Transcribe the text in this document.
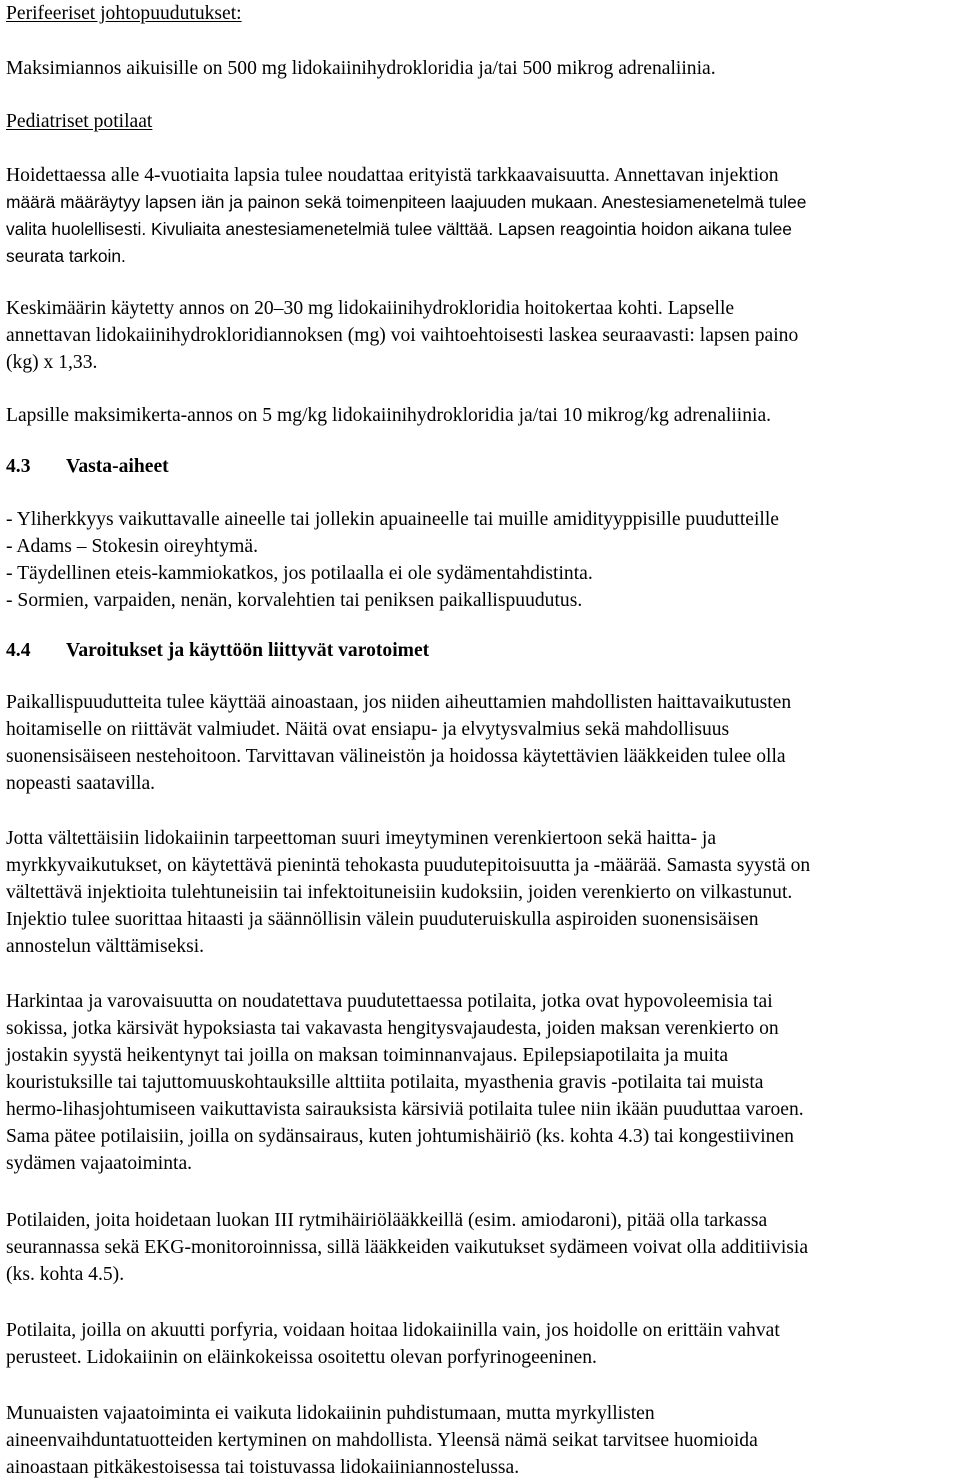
Perifeeriset johtopuudutukset:

Maksimiannos aikuisille on 500 mg lidokaiinihydrokloridia ja/tai 500 mikrog adrenaliinia.

Pediatriset potilaat

Hoidettaessa alle 4-vuotiaita lapsia tulee noudattaa erityistä tarkkaavaisuutta. Annettavan injektion
määrä määräytyy lapsen iän ja painon sekä toimenpiteen laajuuden mukaan. Anestesiamenetelmä tulee
valita huolellisesti. Kivuliaita anestesiamenetelmiä tulee välttää. Lapsen reagointia hoidon aikana tulee
seurata tarkoin.
Keskimäärin käytetty annos on 20–30 mg lidokaiinihydrokloridia hoitokertaa kohti. Lapselle
annettavan lidokaiinihydrokloridiannoksen (mg) voi vaihtoehtoisesti laskea seuraavasti: lapsen paino
(kg) x 1,33.

Lapsille maksimikerta-annos on 5 mg/kg lidokaiinihydrokloridia ja/tai 10 mikrog/kg adrenaliinia.

4.3 Vasta-aiheet

- Yliherkkyys vaikuttavalle aineelle tai jollekin apuaineelle tai muille amidityyppisille puudutteille
- Adams – Stokesin oireyhtymä.
- Täydellinen eteis-kammiokatkos, jos potilaalla ei ole sydämentahdistinta.
- Sormien, varpaiden, nenän, korvalehtien tai peniksen paikallispuudutus.

4.4 Varoitukset ja käyttöön liittyvät varotoimet

Paikallispuudutteita tulee käyttää ainoastaan, jos niiden aiheuttamien mahdollisten haittavaikutusten
hoitamiselle on riittävät valmiudet. Näitä ovat ensiapu- ja elvytysvalmius sekä mahdollisuus
suonensisäiseen nestehoitoon. Tarvittavan välineistön ja hoidossa käytettävien lääkkeiden tulee olla
nopeasti saatavilla.
Jotta vältettäisiin lidokaiinin tarpeettoman suuri imeytyminen verenkiertoon sekä haitta- ja
myrkkyvaikutukset, on käytettävä pienintä tehokasta puudutepitoisuutta ja -määrää. Samasta syystä on
vältettävä injektioita tulehtuneisiin tai infektoituneisiin kudoksiin, joiden verenkierto on vilkastunut.
Injektio tulee suorittaa hitaasti ja säännöllisin välein puuduteruiskulla aspiroiden suonensisäisen
annostelun välttämiseksi.
Harkintaa ja varovaisuutta on noudatettava puudutettaessa potilaita, jotka ovat hypovoleemisia tai
sokissa, jotka kärsivät hypoksiasta tai vakavasta hengitysvajaudesta, joiden maksan verenkierto on
jostakin syystä heikentynyt tai joilla on maksan toiminnanvajaus. Epilepsiapotilaita ja muita
kouristuksille tai tajuttomuuskohtauksille alttiita potilaita, myasthenia gravis -potilaita tai muista
hermo-lihasjohtumiseen vaikuttavista sairauksista kärsiviä potilaita tulee niin ikään puuduttaa varoen.
Sama pätee potilaisiin, joilla on sydänsairaus, kuten johtumishäiriö (ks. kohta 4.3) tai kongestiivinen
sydämen vajaatoiminta.
Potilaiden, joita hoidetaan luokan III rytmihäiriölääkkeillä (esim. amiodaroni), pitää olla tarkassa
seurannassa sekä EKG-monitoroinnissa, sillä lääkkeiden vaikutukset sydämeen voivat olla additiivisia
(ks. kohta 4.5).
Potilaita, joilla on akuutti porfyria, voidaan hoitaa lidokaiinilla vain, jos hoidolle on erittäin vahvat
perusteet. Lidokaiinin on eläinkokeissa osoitettu olevan porfyrinogeeninen.
Munuaisten vajaatoiminta ei vaikuta lidokaiinin puhdistumaan, mutta myrkyllisten
aineenvaihduntatuotteiden kertyminen on mahdollista. Yleensä nämä seikat tarvitsee huomioida
ainoastaan pitkäkestoisessa tai toistuvassa lidokaiiniannostelussa.
